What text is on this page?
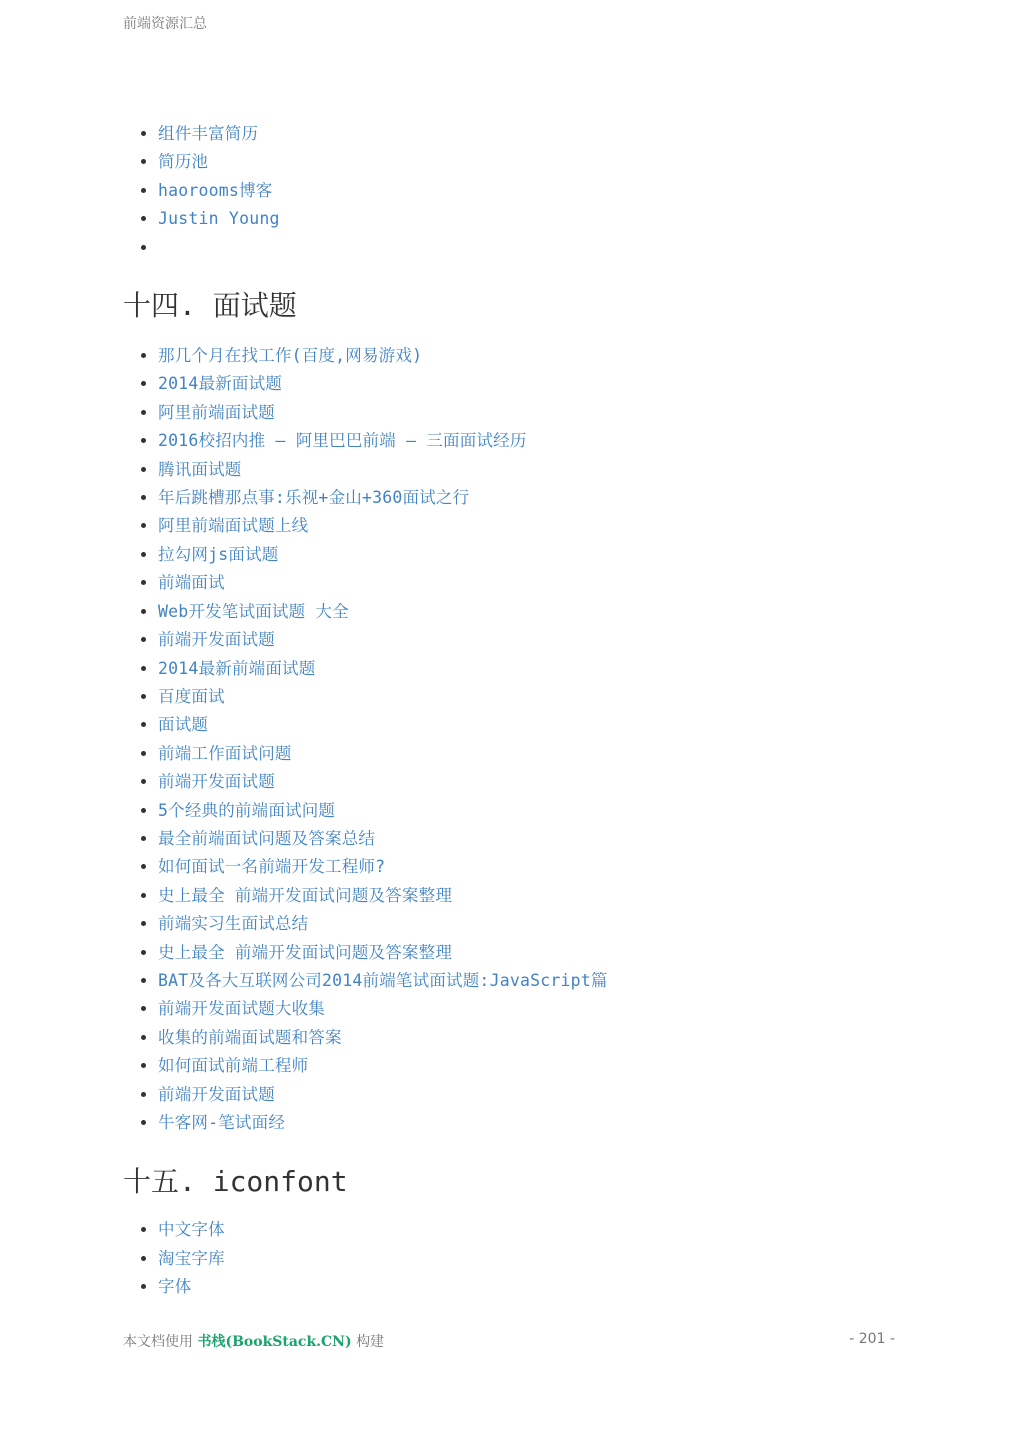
前端资源汇总
• 组件丰富简历
• 简历池
• haorooms博客
• Justin Young
•
十四. 面试题
• 那几个月在找工作(百度,网易游戏)
• 2014最新面试题
• 阿里前端面试题
• 2016校招内推 — 阿里巴巴前端 — 三面面试经历
• 腾讯面试题
• 年后跳槽那点事:乐视+金山+360面试之行
• 阿里前端面试题上线
• 拉勾网js面试题
• 前端面试
• Web开发笔试面试题 大全
• 前端开发面试题
• 2014最新前端面试题
• 百度面试
• 面试题
• 前端工作面试问题
• 前端开发面试题
• 5个经典的前端面试问题
• 最全前端面试问题及答案总结
• 如何面试一名前端开发工程师?
• 史上最全 前端开发面试问题及答案整理
• 前端实习生面试总结
• 史上最全 前端开发面试问题及答案整理
• BAT及各大互联网公司2014前端笔试面试题:JavaScript篇
• 前端开发面试题大收集
• 收集的前端面试题和答案
• 如何面试前端工程师
• 前端开发面试题
• 牛客网-笔试面经
十五. iconfont
• 中文字体
• 淘宝字库
• 字体
本文档使用 书栈(BookStack.CN) 构建	- 201 -
